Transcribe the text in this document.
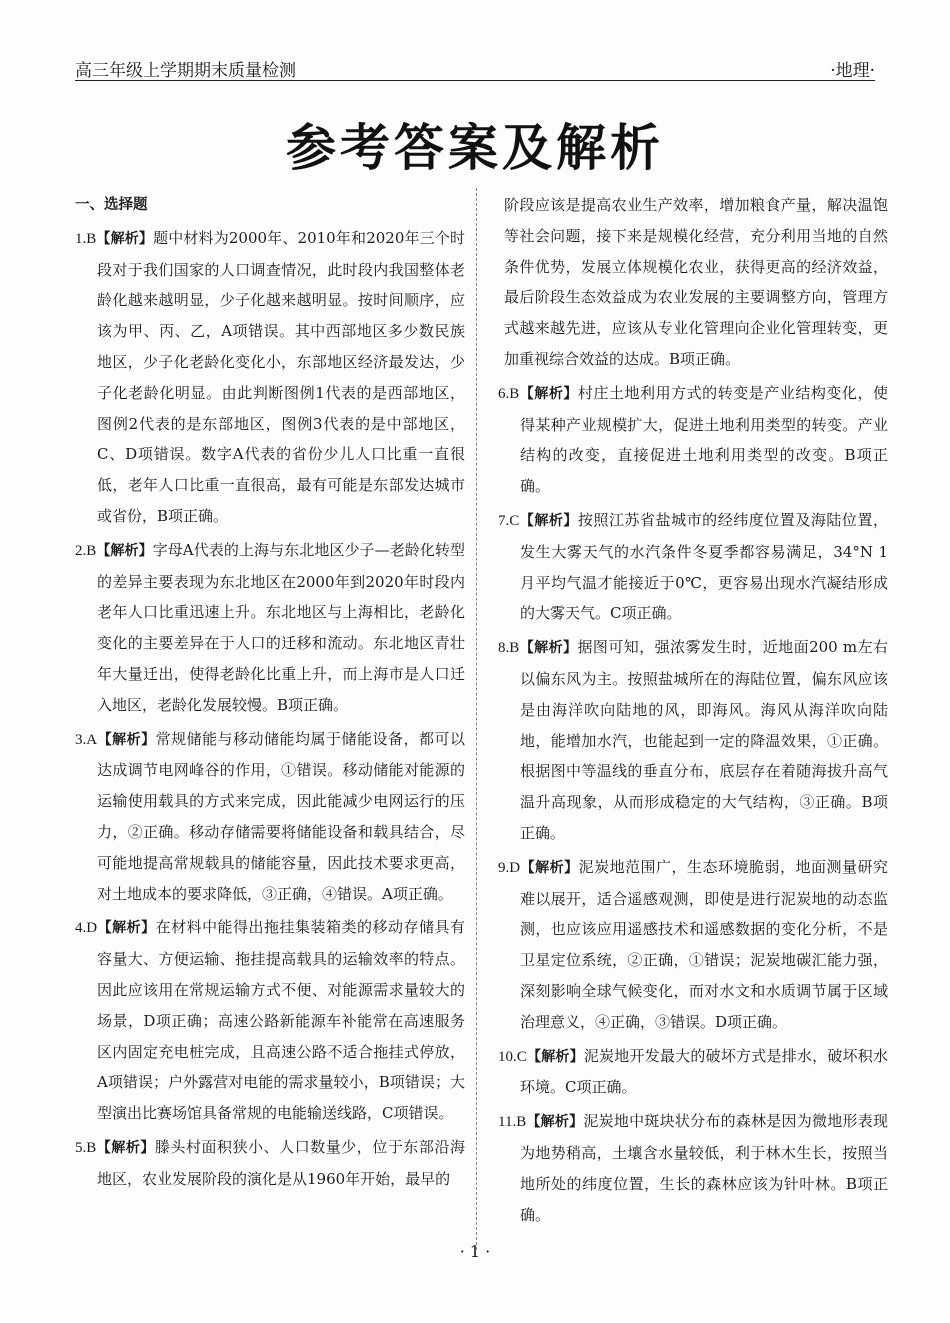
高三年级上学期期末质量检测	·地理·
参考答案及解析
一、选择题
1.B【解析】题中材料为2000年、2010年和2020年三个时段对于我们国家的人口调查情况，此时段内我国整体老龄化越来越明显，少子化越来越明显。按时间顺序，应该为甲、丙、乙，A项错误。其中西部地区多少数民族地区，少子化老龄化变化小，东部地区经济最发达，少子化老龄化明显。由此判断图例1代表的是西部地区，图例2代表的是东部地区，图例3代表的是中部地区，C、D项错误。数字A代表的省份少儿人口比重一直很低，老年人口比重一直很高，最有可能是东部发达城市或省份，B项正确。
2.B【解析】字母A代表的上海与东北地区少子—老龄化转型的差异主要表现为东北地区在2000年到2020年时段内老年人口比重迅速上升。东北地区与上海相比，老龄化变化的主要差异在于人口的迁移和流动。东北地区青壮年大量迁出，使得老龄化比重上升，而上海市是人口迁入地区，老龄化发展较慢。B项正确。
3.A【解析】常规储能与移动储能均属于储能设备，都可以达成调节电网峰谷的作用，①错误。移动储能对能源的运输使用载具的方式来完成，因此能减少电网运行的压力，②正确。移动存储需要将储能设备和载具结合，尽可能地提高常规载具的储能容量，因此技术要求更高，对土地成本的要求降低，③正确，④错误。A项正确。
4.D【解析】在材料中能得出拖挂集装箱类的移动存储具有容量大、方便运输、拖挂提高载具的运输效率的特点。因此应该用在常规运输方式不便、对能源需求量较大的场景，D项正确；高速公路新能源车补能常在高速服务区内固定充电桩完成，且高速公路不适合拖挂式停放，A项错误；户外露营对电能的需求量较小，B项错误；大型演出比赛场馆具备常规的电能输送线路，C项错误。
5.B【解析】滕头村面积狭小、人口数量少，位于东部沿海地区，农业发展阶段的演化是从1960年开始，最早的
阶段应该是提高农业生产效率，增加粮食产量，解决温饱等社会问题，接下来是规模化经营，充分利用当地的自然条件优势，发展立体规模化农业，获得更高的经济效益，最后阶段生态效益成为农业发展的主要调整方向，管理方式越来越先进，应该从专业化管理向企业化管理转变，更加重视综合效益的达成。B项正确。
6.B【解析】村庄土地利用方式的转变是产业结构变化，使得某种产业规模扩大，促进土地利用类型的转变。产业结构的改变，直接促进土地利用类型的改变。B项正确。
7.C【解析】按照江苏省盐城市的经纬度位置及海陆位置，发生大雾天气的水汽条件冬夏季都容易满足，34°N 1月平均气温才能接近于0℃，更容易出现水汽凝结形成的大雾天气。C项正确。
8.B【解析】据图可知，强浓雾发生时，近地面200 m左右以偏东风为主。按照盐城所在的海陆位置，偏东风应该是由海洋吹向陆地的风，即海风。海风从海洋吹向陆地，能增加水汽，也能起到一定的降温效果，①正确。根据图中等温线的垂直分布，底层存在着随海拔升高气温升高现象，从而形成稳定的大气结构，③正确。B项正确。
9.D【解析】泥炭地范围广，生态环境脆弱，地面测量研究难以展开，适合遥感观测，即使是进行泥炭地的动态监测，也应该应用遥感技术和遥感数据的变化分析，不是卫星定位系统，②正确，①错误；泥炭地碳汇能力强，深刻影响全球气候变化，而对水文和水质调节属于区域治理意义，④正确，③错误。D项正确。
10.C【解析】泥炭地开发最大的破坏方式是排水，破坏积水环境。C项正确。
11.B【解析】泥炭地中斑块状分布的森林是因为微地形表现为地势稍高，土壤含水量较低，利于林木生长，按照当地所处的纬度位置，生长的森林应该为针叶林。B项正确。
· 1 ·
